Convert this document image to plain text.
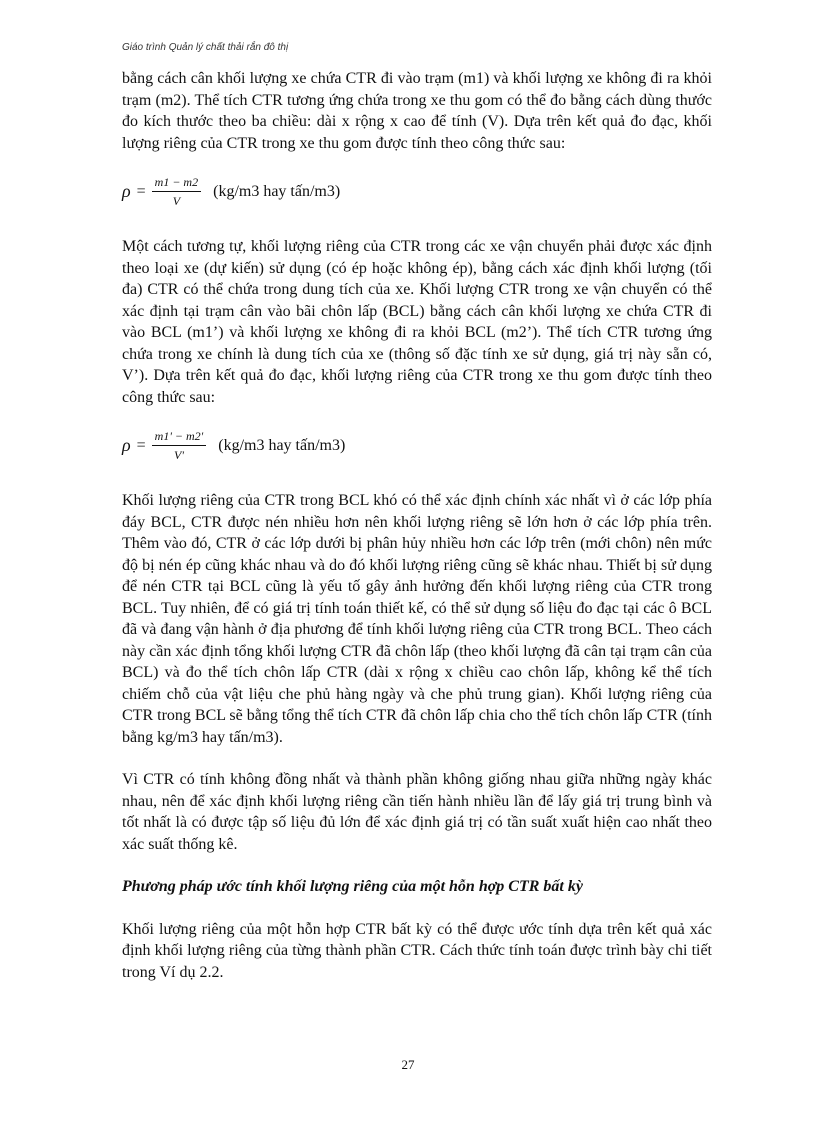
Giáo trình Quản lý chất thải rắn đô thị

bằng cách cân khối lượng xe chứa CTR đi vào trạm (m1) và khối lượng xe không đi ra khỏi trạm (m2). Thể tích CTR tương ứng chứa trong xe thu gom có thể đo bằng cách dùng thước đo kích thước theo ba chiều: dài x rộng x cao để tính (V). Dựa trên kết quả đo đạc, khối lượng riêng của CTR trong xe thu gom được tính theo công thức sau:

$\rho = \frac{m1 - m2}{V} (kg/m3$ hay tấn/m3)

Một cách tương tự, khối lượng riêng của CTR trong các xe vận chuyển phải được xác định theo loại xe (dự kiến) sử dụng (có ép hoặc không ép), bằng cách xác định khối lượng (tối đa) CTR có thể chứa trong dung tích của xe. Khối lượng CTR trong xe vận chuyển có thể xác định tại trạm cân vào bãi chôn lấp (BCL) bằng cách cân khối lượng xe chứa CTR đi vào BCL (m1’) và khối lượng xe không đi ra khỏi BCL (m2’). Thể tích CTR tương ứng chứa trong xe chính là dung tích của xe (thông số đặc tính xe sử dụng, giá trị này sẵn có, V’). Dựa trên kết quả đo đạc, khối lượng riêng của CTR trong xe thu gom được tính theo công thức sau:

$\rho = \frac{m1' - m2'}{V'} (kg/m3$ hay tấn/m3)

Khối lượng riêng của CTR trong BCL khó có thể xác định chính xác nhất vì ở các lớp phía đáy BCL, CTR được nén nhiều hơn nên khối lượng riêng sẽ lớn hơn ở các lớp phía trên. Thêm vào đó, CTR ở các lớp dưới bị phân hủy nhiều hơn các lớp trên (mới chôn) nên mức độ bị nén ép cũng khác nhau và do đó khối lượng riêng cũng sẽ khác nhau. Thiết bị sử dụng để nén CTR tại BCL cũng là yếu tố gây ảnh hưởng đến khối lượng riêng của CTR trong BCL. Tuy nhiên, để có giá trị tính toán thiết kế, có thể sử dụng số liệu đo đạc tại các ô BCL đã và đang vận hành ở địa phương để tính khối lượng riêng của CTR trong BCL. Theo cách này cần xác định tổng khối lượng CTR đã chôn lấp (theo khối lượng đã cân tại trạm cân của BCL) và đo thể tích chôn lấp CTR (dài x rộng x chiều cao chôn lấp, không kể thể tích chiếm chỗ của vật liệu che phủ hàng ngày và che phủ trung gian). Khối lượng riêng của CTR trong BCL sẽ bằng tổng thể tích CTR đã chôn lấp chia cho thể tích chôn lấp CTR (tính bằng kg/m3 hay tấn/m3).

Vì CTR có tính không đồng nhất và thành phần không giống nhau giữa những ngày khác nhau, nên để xác định khối lượng riêng cần tiến hành nhiều lần để lấy giá trị trung bình và tốt nhất là có được tập số liệu đủ lớn để xác định giá trị có tần suất xuất hiện cao nhất theo xác suất thống kê.

Phương pháp ước tính khối lượng riêng của một hỗn hợp CTR bất kỳ

Khối lượng riêng của một hỗn hợp CTR bất kỳ có thể được ước tính dựa trên kết quả xác định khối lượng riêng của từng thành phần CTR. Cách thức tính toán được trình bày chi tiết trong Ví dụ 2.2.

27
